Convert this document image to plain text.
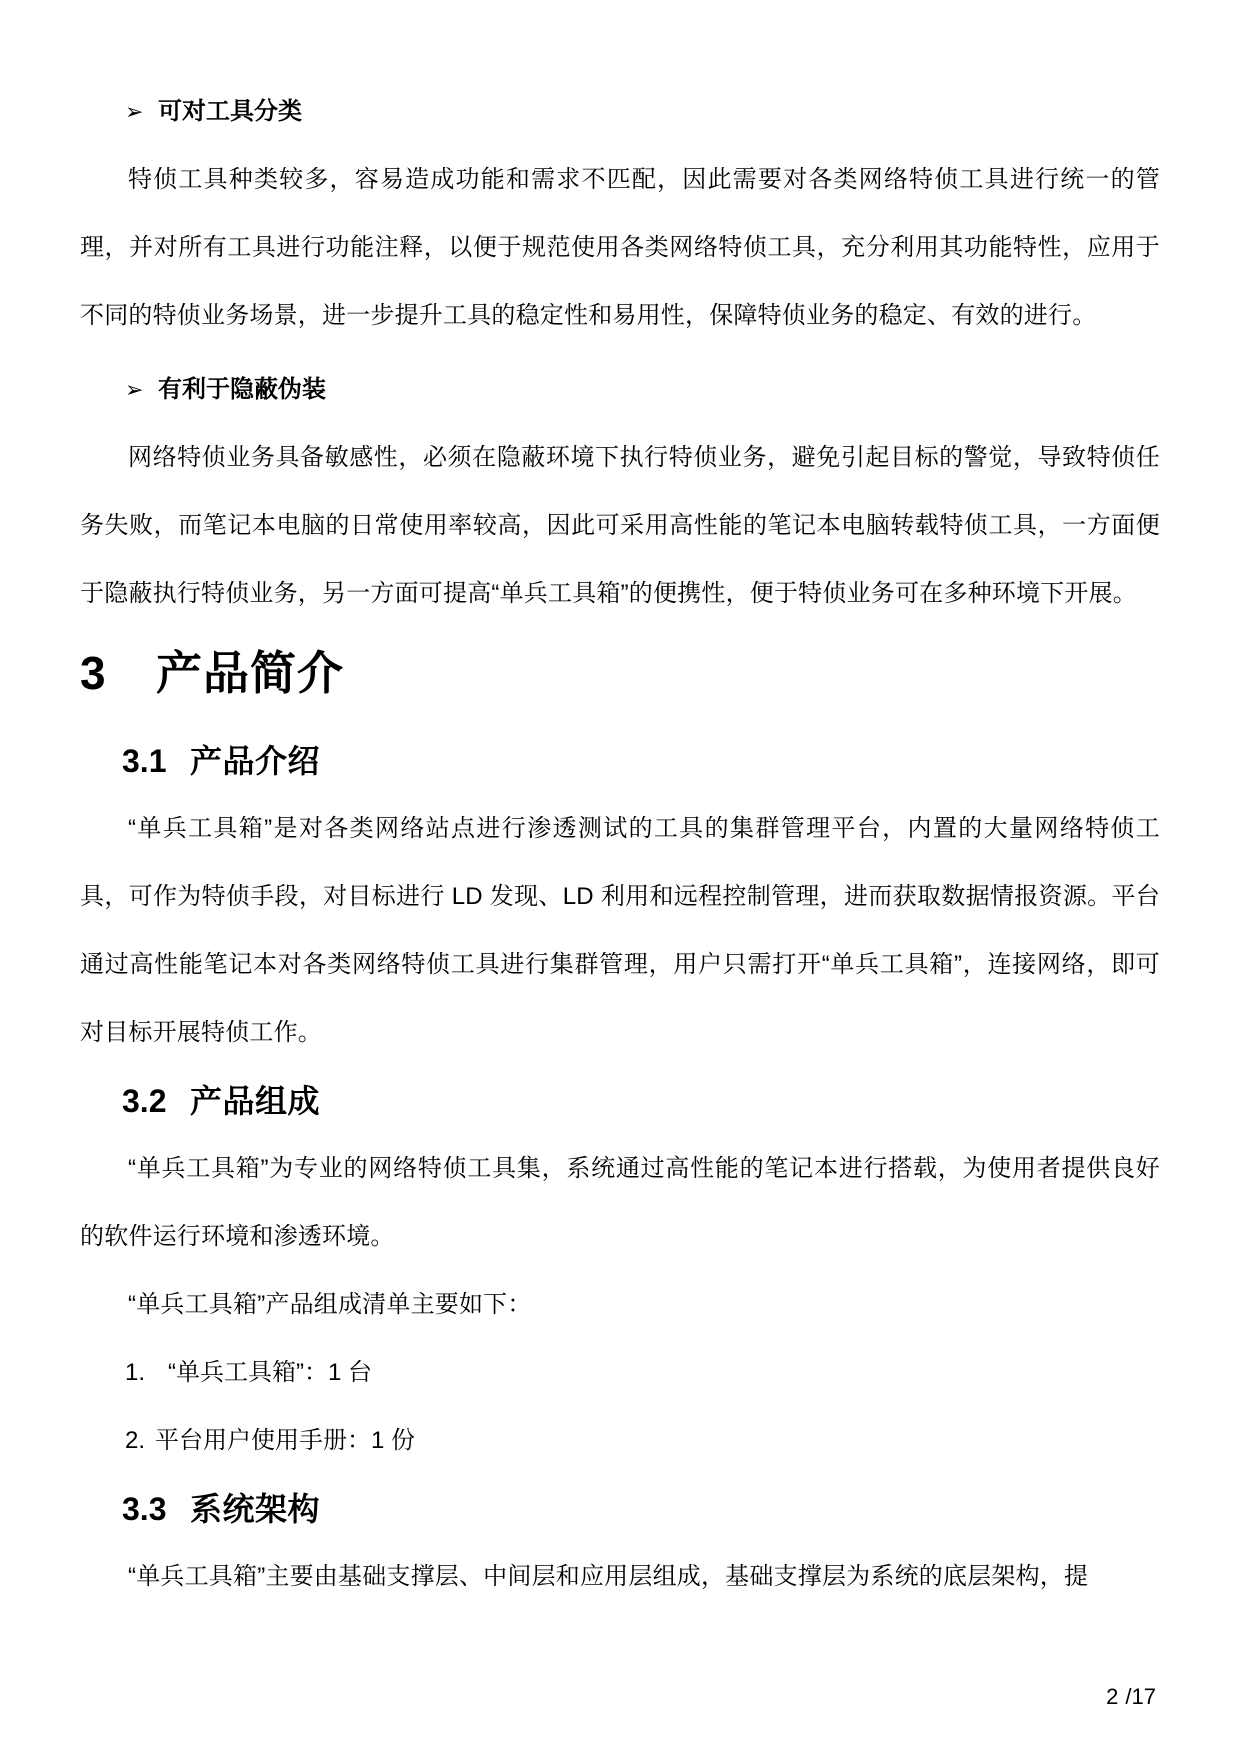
➢ 可对工具分类

特侦工具种类较多，容易造成功能和需求不匹配，因此需要对各类网络特侦工具进行统一的管理，并对所有工具进行功能注释，以便于规范使用各类网络特侦工具，充分利用其功能特性，应用于不同的特侦业务场景，进一步提升工具的稳定性和易用性，保障特侦业务的稳定、有效的进行。

➢ 有利于隐蔽伪装

网络特侦业务具备敏感性，必须在隐蔽环境下执行特侦业务，避免引起目标的警觉，导致特侦任务失败，而笔记本电脑的日常使用率较高，因此可采用高性能的笔记本电脑转载特侦工具，一方面便于隐蔽执行特侦业务，另一方面可提高“单兵工具箱”的便携性，便于特侦业务可在多种环境下开展。

3 产品简介
3.1 产品介绍

“单兵工具箱”是对各类网络站点进行渗透测试的工具的集群管理平台，内置的大量网络特侦工具，可作为特侦手段，对目标进行 LD 发现、LD 利用和远程控制管理，进而获取数据情报资源。平台通过高性能笔记本对各类网络特侦工具进行集群管理，用户只需打开“单兵工具箱”，连接网络，即可对目标开展特侦工作。

3.2 产品组成

“单兵工具箱”为专业的网络特侦工具集，系统通过高性能的笔记本进行搭载，为使用者提供良好的软件运行环境和渗透环境。

“单兵工具箱”产品组成清单主要如下：

1. “单兵工具箱”：1 台
2. 平台用户使用手册：1 份
3.3 系统架构

“单兵工具箱”主要由基础支撑层、中间层和应用层组成，基础支撑层为系统的底层架构，提

2 /17
